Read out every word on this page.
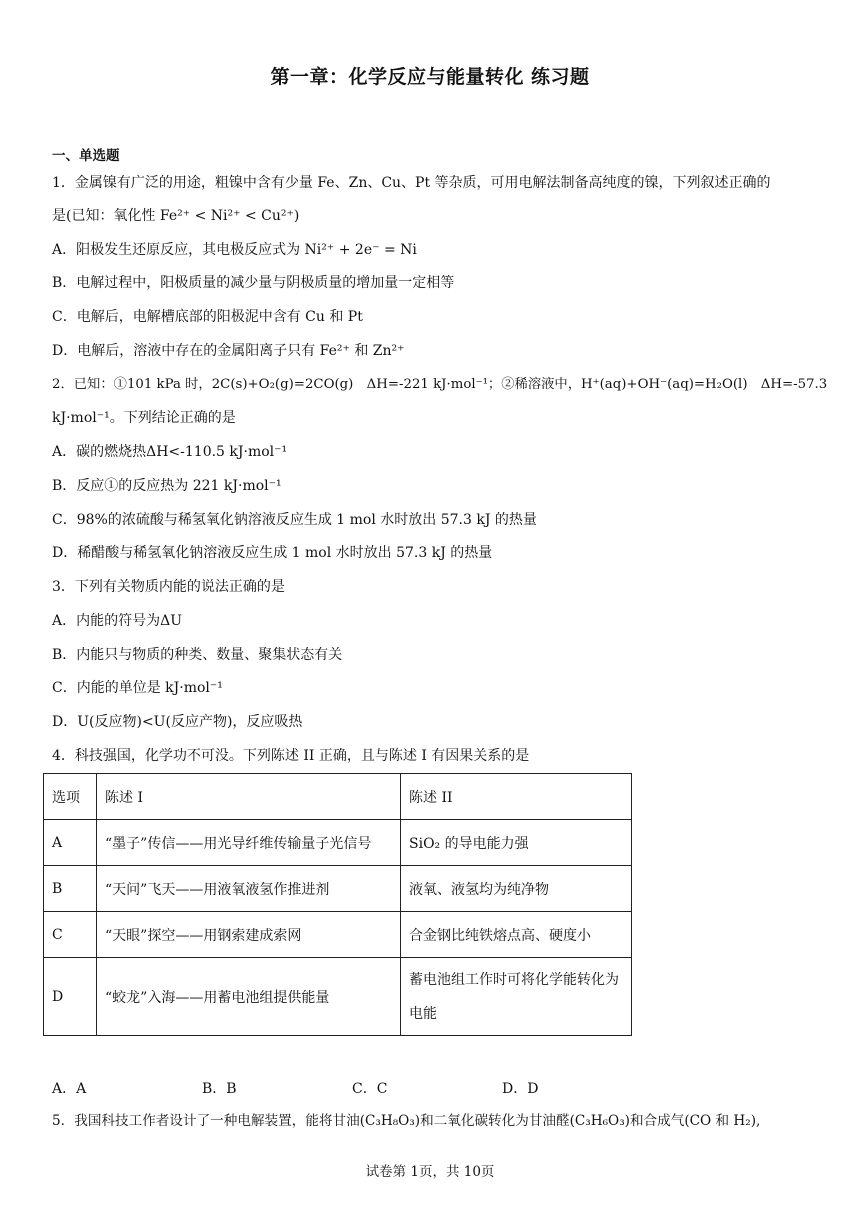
第一章：化学反应与能量转化 练习题
一、单选题
1．金属镍有广泛的用途，粗镍中含有少量 Fe、Zn、Cu、Pt 等杂质，可用电解法制备高纯度的镍，下列叙述正确的
是(已知：氧化性 Fe²⁺ < Ni²⁺ < Cu²⁺)
A．阳极发生还原反应，其电极反应式为 Ni²⁺ + 2e⁻ = Ni
B．电解过程中，阳极质量的减少量与阴极质量的增加量一定相等
C．电解后，电解槽底部的阳极泥中含有 Cu 和 Pt
D．电解后，溶液中存在的金属阳离子只有 Fe²⁺ 和 Zn²⁺
2．已知：①101 kPa 时，2C(s)+O₂(g)=2CO(g)　ΔH=-221 kJ·mol⁻¹；②稀溶液中，H⁺(aq)+OH⁻(aq)=H₂O(l)　ΔH=-57.3
kJ·mol⁻¹。下列结论正确的是
A．碳的燃烧热ΔH<-110.5 kJ·mol⁻¹
B．反应①的反应热为 221 kJ·mol⁻¹
C．98%的浓硫酸与稀氢氧化钠溶液反应生成 1 mol 水时放出 57.3 kJ 的热量
D．稀醋酸与稀氢氧化钠溶液反应生成 1 mol 水时放出 57.3 kJ 的热量
3．下列有关物质内能的说法正确的是
A．内能的符号为ΔU
B．内能只与物质的种类、数量、聚集状态有关
C．内能的单位是 kJ·mol⁻¹
D．U(反应物)<U(反应产物)，反应吸热
4．科技强国，化学功不可没。下列陈述 II 正确，且与陈述 I 有因果关系的是
选项	陈述 I	陈述 II
A	“墨子”传信——用光导纤维传输量子光信号	SiO₂ 的导电能力强
B	“天问”飞天——用液氧液氢作推进剂	液氧、液氢均为纯净物
C	“天眼”探空——用钢索建成索网	合金钢比纯铁熔点高、硬度小
D	“蛟龙”入海——用蓄电池组提供能量	蓄电池组工作时可将化学能转化为电能
A．A	B．B	C．C	D．D
5．我国科技工作者设计了一种电解装置，能将甘油(C₃H₈O₃)和二氧化碳转化为甘油醛(C₃H₆O₃)和合成气(CO 和 H₂),
试卷第 1页，共 10页
